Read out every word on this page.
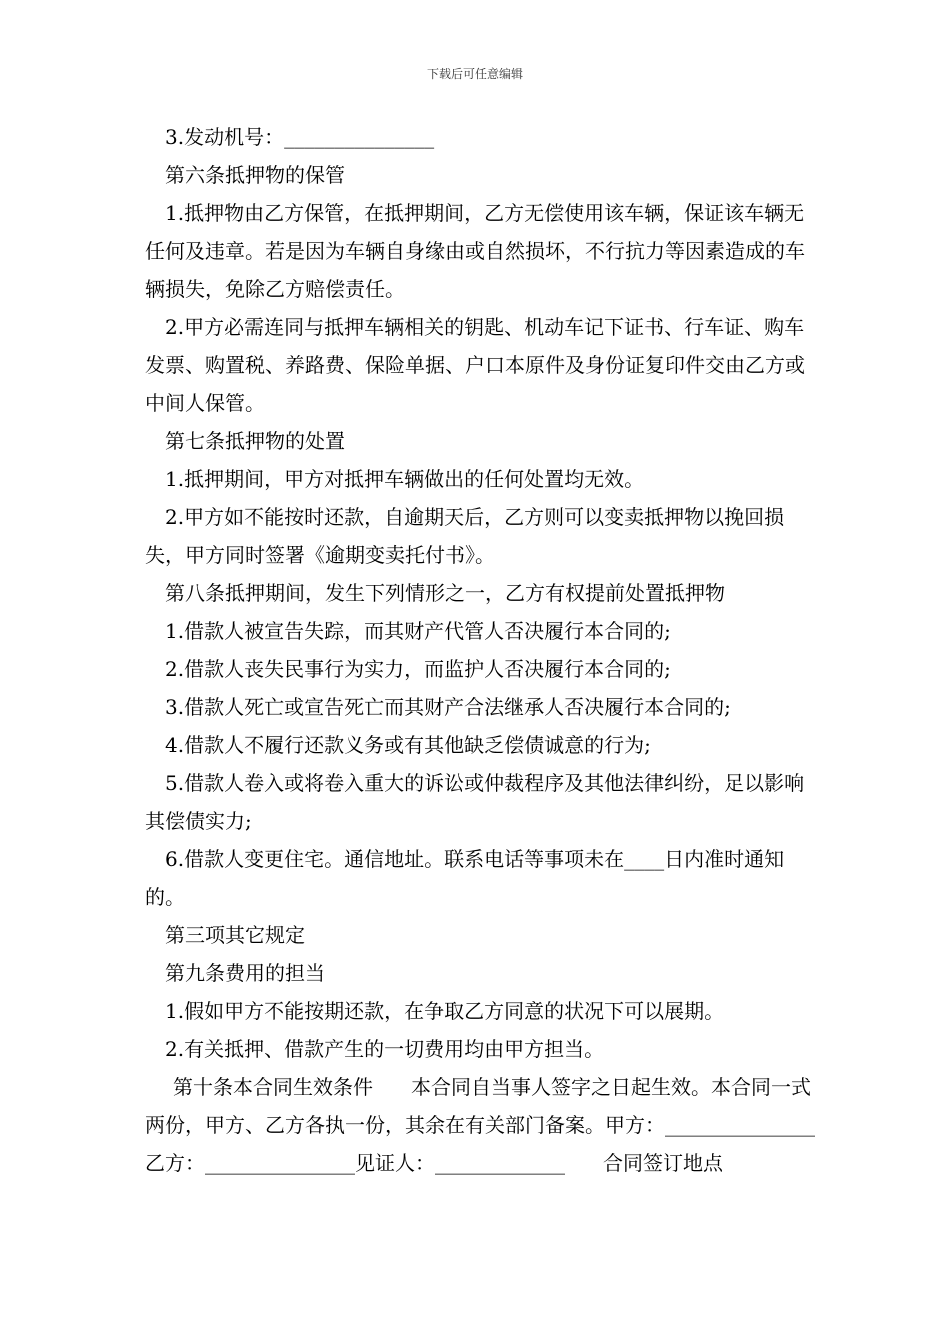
下载后可任意编辑

3.发动机号：_______________

第六条抵押物的保管

1.抵押物由乙方保管，在抵押期间，乙方无偿使用该车辆，保证该车辆无任何及违章。若是因为车辆自身缘由或自然损坏，不行抗力等因素造成的车辆损失，免除乙方赔偿责任。

2.甲方必需连同与抵押车辆相关的钥匙、机动车记下证书、行车证、购车发票、购置税、养路费、保险单据、户口本原件及身份证复印件交由乙方或中间人保管。

第七条抵押物的处置

1.抵押期间，甲方对抵押车辆做出的任何处置均无效。

2.甲方如不能按时还款，自逾期天后，乙方则可以变卖抵押物以挽回损失，甲方同时签署《逾期变卖托付书》。

第八条抵押期间，发生下列情形之一，乙方有权提前处置抵押物

1.借款人被宣告失踪，而其财产代管人否决履行本合同的;

2.借款人丧失民事行为实力，而监护人否决履行本合同的;

3.借款人死亡或宣告死亡而其财产合法继承人否决履行本合同的;

4.借款人不履行还款义务或有其他缺乏偿债诚意的行为;

5.借款人卷入或将卷入重大的诉讼或仲裁程序及其他法律纠纷，足以影响其偿债实力;

6.借款人变更住宅。通信地址。联系电话等事项未在____日内准时通知的。

第三项其它规定

第九条费用的担当

1.假如甲方不能按期还款，在争取乙方同意的状况下可以展期。

2.有关抵押、借款产生的一切费用均由甲方担当。

第十条本合同生效条件 本合同自当事人签字之日起生效。本合同一式两份，甲方、乙方各执一份，其余在有关部门备案。甲方：_______________乙方：_______________见证人：_____________ 合同签订地点
